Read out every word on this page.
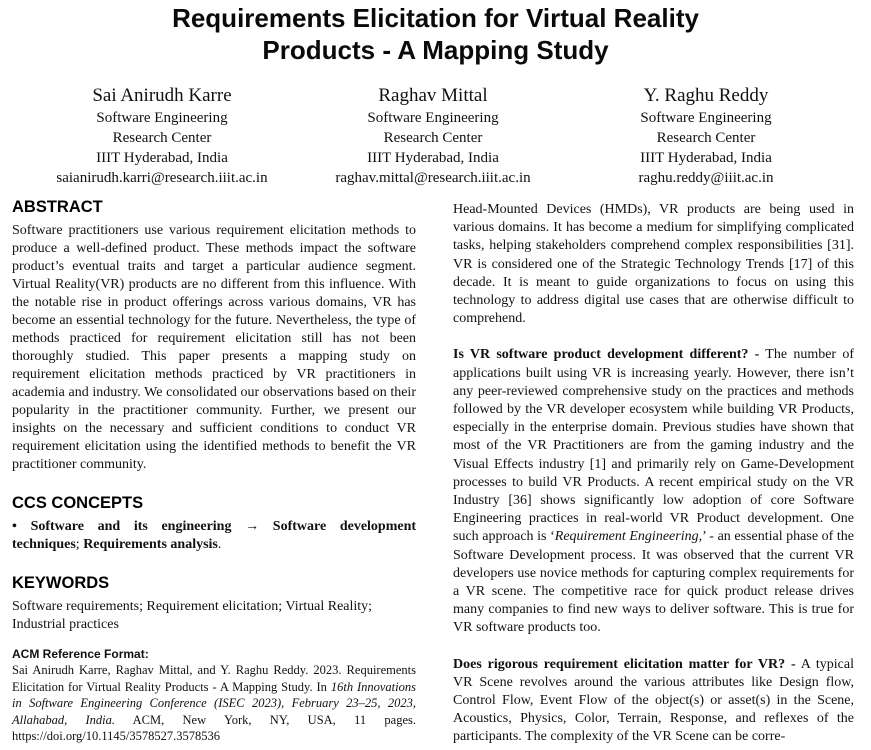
Requirements Elicitation for Virtual Reality
Products - A Mapping Study
Sai Anirudh Karre
Software Engineering
Research Center
IIIT Hyderabad, India
saianirudh.karri@research.iiit.ac.in
Raghav Mittal
Software Engineering
Research Center
IIIT Hyderabad, India
raghav.mittal@research.iiit.ac.in
Y. Raghu Reddy
Software Engineering
Research Center
IIIT Hyderabad, India
raghu.reddy@iiit.ac.in
ABSTRACT

Software practitioners use various requirement elicitation methods to produce a well-defined product. These methods impact the software product’s eventual traits and target a particular audience segment. Virtual Reality(VR) products are no different from this influence. With the notable rise in product offerings across various domains, VR has become an essential technology for the future. Nevertheless, the type of methods practiced for requirement elicitation still has not been thoroughly studied. This paper presents a mapping study on requirement elicitation methods practiced by VR practitioners in academia and industry. We consolidated our observations based on their popularity in the practitioner community. Further, we present our insights on the necessary and sufficient conditions to conduct VR requirement elicitation using the identified methods to benefit the VR practitioner community.

CCS CONCEPTS

• Software and its engineering → Software development techniques; Requirements analysis.

KEYWORDS

Software requirements; Requirement elicitation; Virtual Reality; Industrial practices

ACM Reference Format:

Sai Anirudh Karre, Raghav Mittal, and Y. Raghu Reddy. 2023. Requirements Elicitation for Virtual Reality Products - A Mapping Study. In 16th Innovations in Software Engineering Conference (ISEC 2023), February 23–25, 2023, Allahabad, India. ACM, New York, NY, USA, 11 pages. https://doi.org/10.1145/3578527.3578536

Head-Mounted Devices (HMDs), VR products are being used in various domains. It has become a medium for simplifying complicated tasks, helping stakeholders comprehend complex responsibilities [31]. VR is considered one of the Strategic Technology Trends [17] of this decade. It is meant to guide organizations to focus on using this technology to address digital use cases that are otherwise difficult to comprehend.

Is VR software product development different? - The number of applications built using VR is increasing yearly. However, there isn’t any peer-reviewed comprehensive study on the practices and methods followed by the VR developer ecosystem while building VR Products, especially in the enterprise domain. Previous studies have shown that most of the VR Practitioners are from the gaming industry and the Visual Effects industry [1] and primarily rely on Game-Development processes to build VR Products. A recent empirical study on the VR Industry [36] shows significantly low adoption of core Software Engineering practices in real-world VR Product development. One such approach is ‘Requirement Engineering,’ - an essential phase of the Software Development process. It was observed that the current VR developers use novice methods for capturing complex requirements for a VR scene. The competitive race for quick product release drives many companies to find new ways to deliver software. This is true for VR software products too.

Does rigorous requirement elicitation matter for VR? - A typical VR Scene revolves around the various attributes like Design flow, Control Flow, Event Flow of the object(s) or asset(s) in the Scene, Acoustics, Physics, Color, Terrain, Response, and reflexes of the participants. The complexity of the VR Scene can be corre-
